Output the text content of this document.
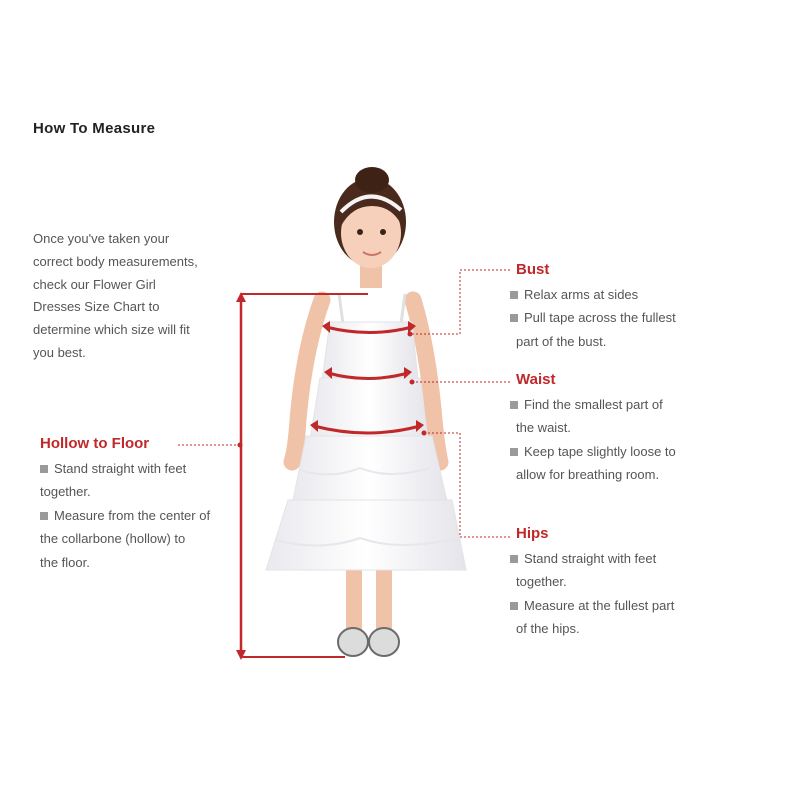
How To Measure
Once you've taken your
correct body measurements,
check our Flower Girl
Dresses Size Chart to
determine which size will fit
you best.
Hollow to Floor
Stand straight with feet
together.
Measure from the center of
the collarbone (hollow) to
the floor.
Bust
Relax arms at sides
Pull tape across the fullest
part of the bust.
Waist
Find the smallest part of
the waist.
Keep tape slightly loose to
allow for breathing room.
Hips
Stand straight with feet
together.
Measure at the fullest part
of the hips.
